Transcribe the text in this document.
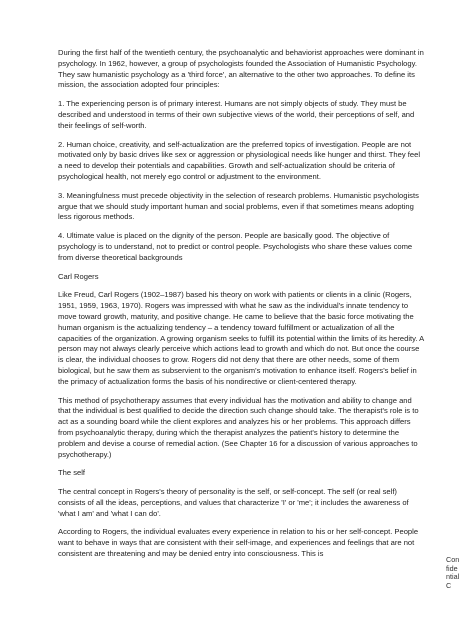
During the first half of the twentieth century, the psychoanalytic and behaviorist approaches were dominant in psychology. In 1962, however, a group of psychologists founded the Association of Humanistic Psychology. They saw humanistic psychology as a 'third force', an alternative to the other two approaches. To define its mission, the association adopted four principles:

1. The experiencing person is of primary interest. Humans are not simply objects of study. They must be described and understood in terms of their own subjective views of the world, their perceptions of self, and their feelings of self-worth.

2. Human choice, creativity, and self-actualization are the preferred topics of investigation. People are not motivated only by basic drives like sex or aggression or physiological needs like hunger and thirst. They feel a need to develop their potentials and capabilities. Growth and self-actualization should be criteria of psychological health, not merely ego control or adjustment to the environment.

3. Meaningfulness must precede objectivity in the selection of research problems. Humanistic psychologists argue that we should study important human and social problems, even if that sometimes means adopting less rigorous methods.

4. Ultimate value is placed on the dignity of the person. People are basically good. The objective of psychology is to understand, not to predict or control people. Psychologists who share these values come from diverse theoretical backgrounds

Carl Rogers

Like Freud, Carl Rogers (1902–1987) based his theory on work with patients or clients in a clinic (Rogers, 1951, 1959, 1963, 1970). Rogers was impressed with what he saw as the individual's innate tendency to move toward growth, maturity, and positive change. He came to believe that the basic force motivating the human organism is the actualizing tendency – a tendency toward fulfillment or actualization of all the capacities of the organization. A growing organism seeks to fulfill its potential within the limits of its heredity. A person may not always clearly perceive which actions lead to growth and which do not. But once the course is clear, the individual chooses to grow. Rogers did not deny that there are other needs, some of them biological, but he saw them as subservient to the organism's motivation to enhance itself. Rogers's belief in the primacy of actualization forms the basis of his nondirective or client-centered therapy.

This method of psychotherapy assumes that every individual has the motivation and ability to change and that the individual is best qualified to decide the direction such change should take. The therapist's role is to act as a sounding board while the client explores and analyzes his or her problems. This approach differs from psychoanalytic therapy, during which the therapist analyzes the patient's history to determine the problem and devise a course of remedial action. (See Chapter 16 for a discussion of various approaches to psychotherapy.)

The self

The central concept in Rogers's theory of personality is the self, or self-concept. The self (or real self) consists of all the ideas, perceptions, and values that characterize 'I' or 'me'; it includes the awareness of 'what I am' and 'what I can do'.

According to Rogers, the individual evaluates every experience in relation to his or her self-concept. People want to behave in ways that are consistent with their self-image, and experiences and feelings that are not consistent are threatening and may be denied entry into consciousness. This is

Confidential C
